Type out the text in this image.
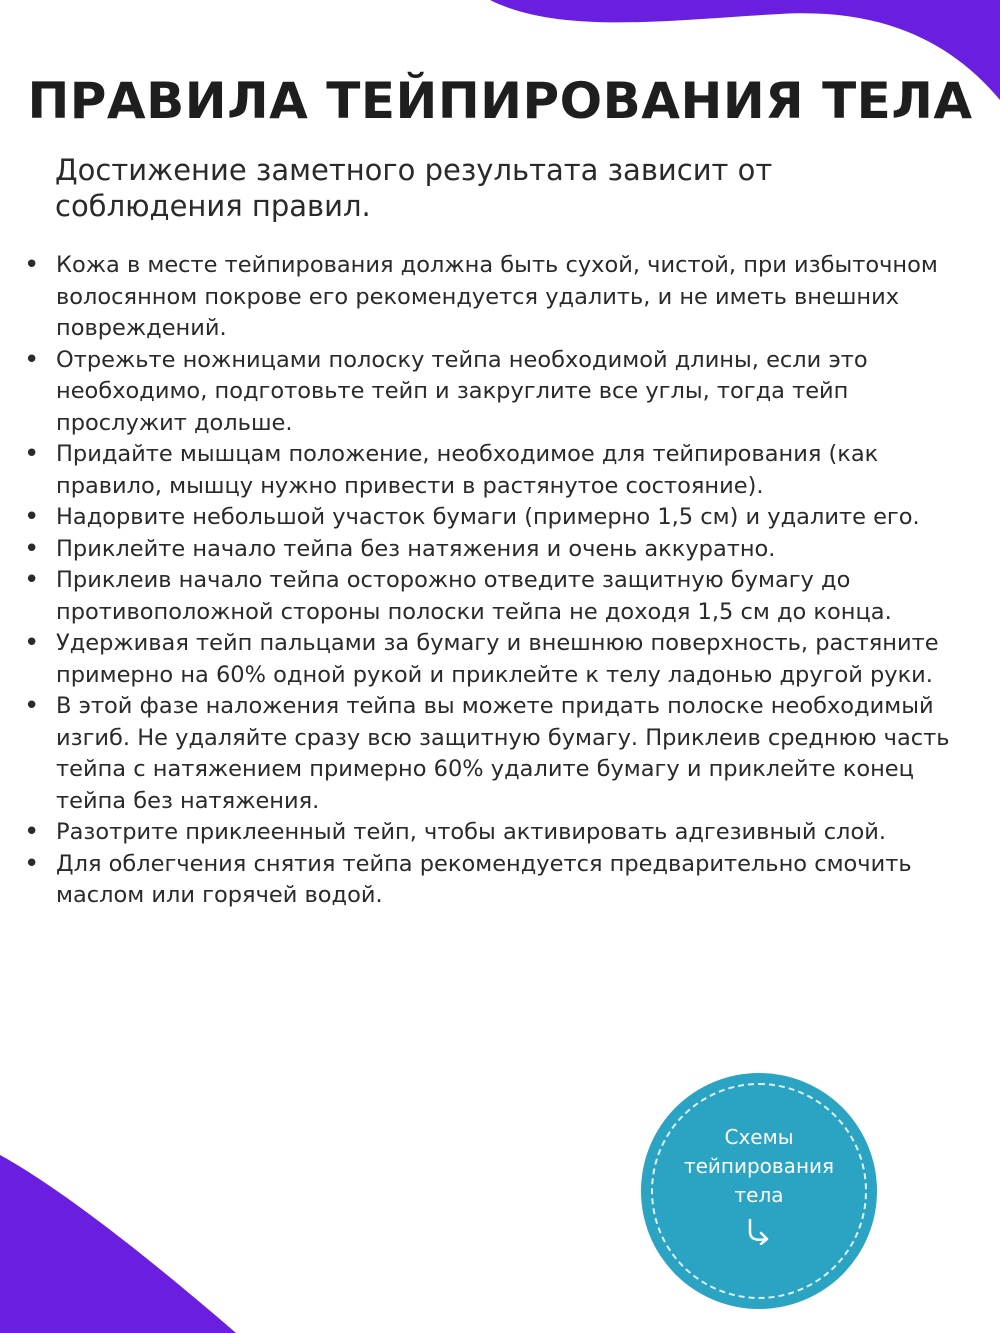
ПРАВИЛА ТЕЙПИРОВАНИЯ ТЕЛА

Достижение заметного результата зависит от соблюдения правил.

• Кожа в месте тейпирования должна быть сухой, чистой, при избыточном волосянном покрове его рекомендуется удалить, и не иметь внешних повреждений.
• Отрежьте ножницами полоску тейпа необходимой длины, если это необходимо, подготовьте тейп и закруглите все углы, тогда тейп прослужит дольше.
• Придайте мышцам положение, необходимое для тейпирования (как правило, мышцу нужно привести в растянутое состояние).
• Надорвите небольшой участок бумаги (примерно 1,5 см) и удалите его.
• Приклейте начало тейпа без натяжения и очень аккуратно.
• Приклеив начало тейпа осторожно отведите защитную бумагу до противоположной стороны полоски тейпа не доходя 1,5 см до конца.
• Удерживая тейп пальцами за бумагу и внешнюю поверхность, растяните примерно на 60% одной рукой и приклейте к телу ладонью другой руки.
• В этой фазе наложения тейпа вы можете придать полоске необходимый изгиб. Не удаляйте сразу всю защитную бумагу. Приклеив среднюю часть тейпа с натяжением примерно 60% удалите бумагу и приклейте конец тейпа без натяжения.
• Разотрите приклеенный тейп, чтобы активировать адгезивный слой.
• Для облегчения снятия тейпа рекомендуется предварительно смочить маслом или горячей водой.
Схемы
тейпирования
тела
